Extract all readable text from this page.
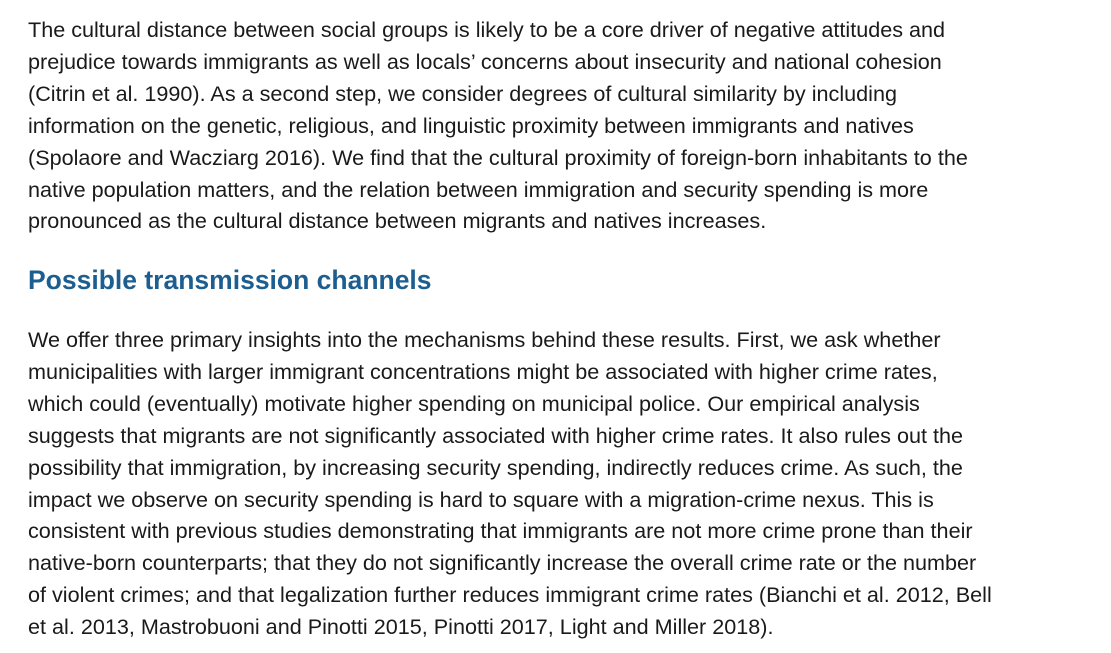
The cultural distance between social groups is likely to be a core driver of negative attitudes and
prejudice towards immigrants as well as locals’ concerns about insecurity and national cohesion
(Citrin et al. 1990). As a second step, we consider degrees of cultural similarity by including
information on the genetic, religious, and linguistic proximity between immigrants and natives
(Spolaore and Wacziarg 2016). We find that the cultural proximity of foreign-born inhabitants to the
native population matters, and the relation between immigration and security spending is more
pronounced as the cultural distance between migrants and natives increases.

Possible transmission channels

We offer three primary insights into the mechanisms behind these results. First, we ask whether
municipalities with larger immigrant concentrations might be associated with higher crime rates,
which could (eventually) motivate higher spending on municipal police. Our empirical analysis
suggests that migrants are not significantly associated with higher crime rates. It also rules out the
possibility that immigration, by increasing security spending, indirectly reduces crime. As such, the
impact we observe on security spending is hard to square with a migration-crime nexus. This is
consistent with previous studies demonstrating that immigrants are not more crime prone than their
native-born counterparts; that they do not significantly increase the overall crime rate or the number
of violent crimes; and that legalization further reduces immigrant crime rates (Bianchi et al. 2012, Bell
et al. 2013, Mastrobuoni and Pinotti 2015, Pinotti 2017, Light and Miller 2018).
